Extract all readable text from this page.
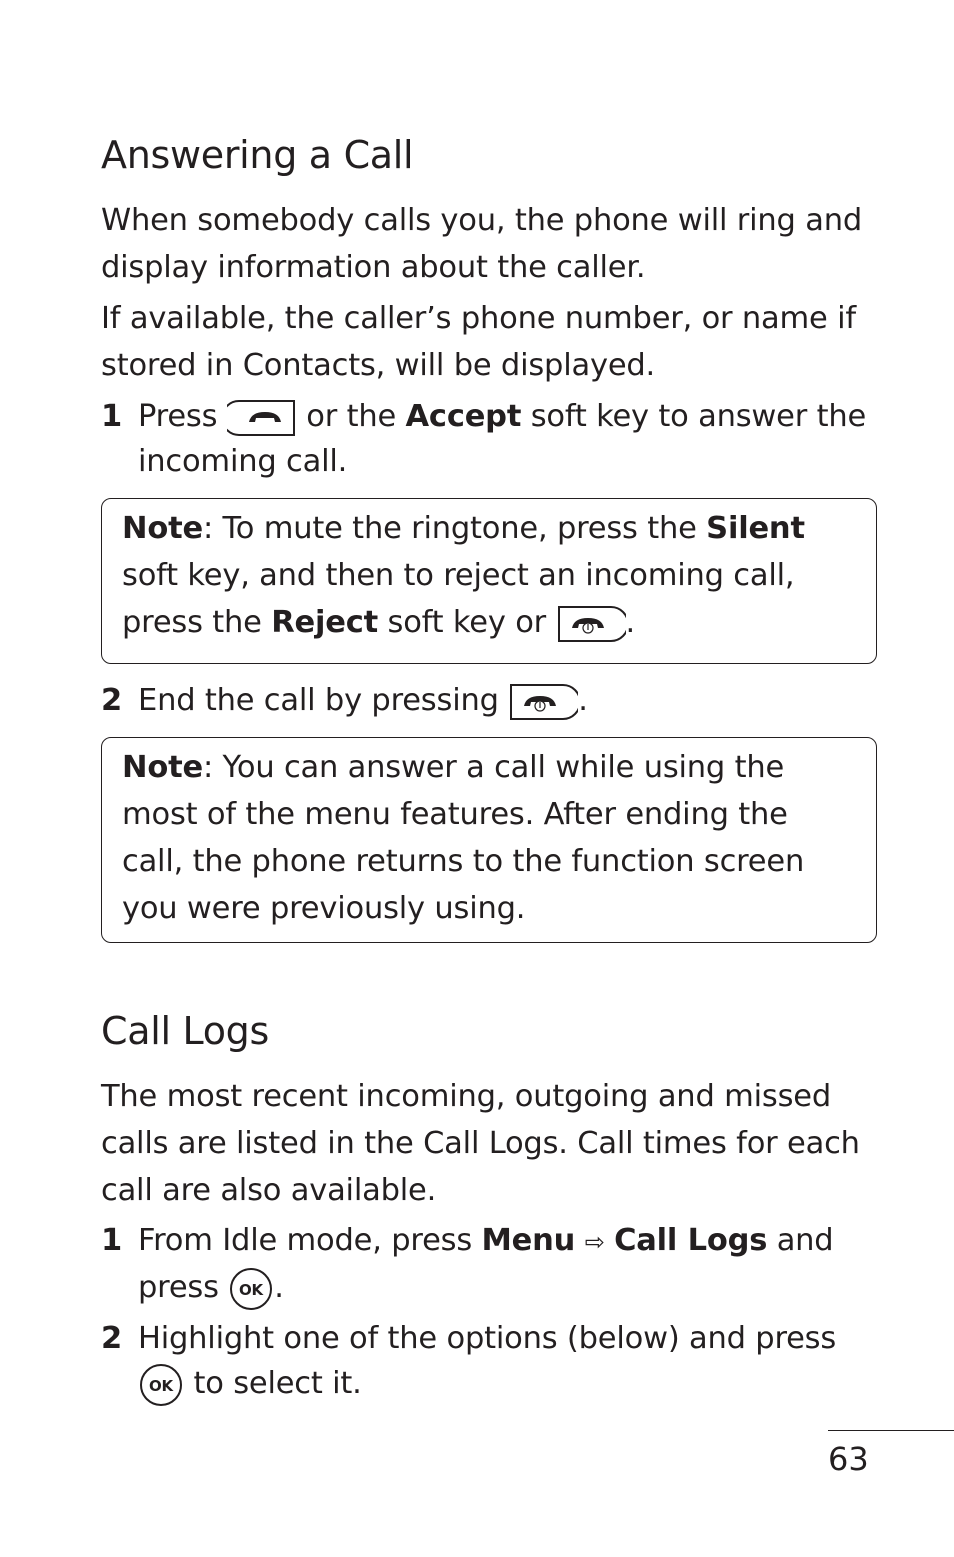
Answering a Call

When somebody calls you, the phone will ring and display information about the caller.

If available, the caller’s phone number, or name if stored in Contacts, will be displayed.

1 Press	or the Accept soft key to answer the incoming call.
Note: To mute the ringtone, press the Silent soft key, and then to reject an incoming call, press the Reject soft key or	.
2 End the call by pressing	.
Note: You can answer a call while using the most of the menu features. After ending the call, the phone returns to the function screen you were previously using.
Call Logs

The most recent incoming, outgoing and missed calls are listed in the Call Logs. Call times for each call are also available.

1 From Idle mode, press Menu ⇨ Call Logs and press OK .
2 Highlight one of the options (below) and press
OK to select it.
63
